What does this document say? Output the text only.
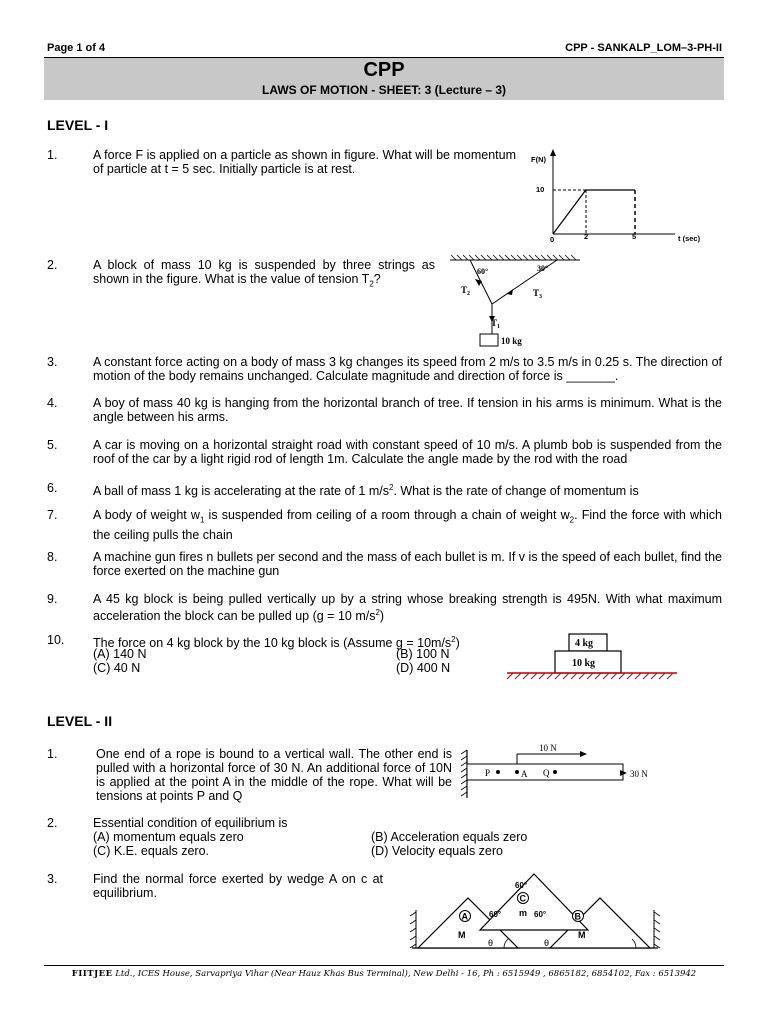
Page 1 of 4	CPP - SANKALP_LOM–3-PH-II
CPP
LAWS OF MOTION - SHEET: 3 (Lecture – 3)
LEVEL - I
1.	A force F is applied on a particle as shown in figure. What will be momentum of particle at t = 5 sec. Initially particle is at rest.
F(N)
t (sec)
10
0	2	5
2.	A block of mass 10 kg is suspended by three strings as shown in the figure. What is the value of tension $T_2$?
60°	30°
$T_2$	$T_3$
$T_1$
10 kg
3.	A constant force acting on a body of mass 3 kg changes its speed from 2 m/s to 3.5 m/s in 0.25 s. The direction of motion of the body remains unchanged. Calculate magnitude and direction of force is _______.
4.	A boy of mass 40 kg is hanging from the horizontal branch of tree. If tension in his arms is minimum. What is the angle between his arms.
5.	A car is moving on a horizontal straight road with constant speed of 10 m/s. A plumb bob is suspended from the roof of the car by a light rigid rod of length 1m. Calculate the angle made by the rod with the road
6.	A ball of mass 1 kg is accelerating at the rate of 1 $m/s^2$. What is the rate of change of momentum is
7.	A body of weight $w_1$ is suspended from ceiling of a room through a chain of weight $w_2$. Find the force with which the ceiling pulls the chain
8.	A machine gun fires n bullets per second and the mass of each bullet is m. If v is the speed of each bullet, find the force exerted on the machine gun
9.	A 45 kg block is being pulled vertically up by a string whose breaking strength is 495N. With what maximum acceleration the block can be pulled up (g = 10 $m/s^2$)
10. The force on 4 kg block by the 10 kg block is (Assume $g = 10m/s^2$)
(A) 140 N	(B) 100 N
(C) 40 N	(D) 400 N
4 kg
10 kg
LEVEL - II
1.	One end of a rope is bound to a vertical wall. The other end is pulled with a horizontal force of 30 N. An additional force of 10N is applied at the point A in the middle of the rope. What will be tensions at points P and Q
10 N
30 N
P	A Q
2.	Essential condition of equilibrium is
(A) momentum equals zero	(B) Acceleration equals zero
(C) K.E. equals zero.	(D) Velocity equals zero
3.	Find the normal force exerted by wedge A on c at equilibrium.
60°
C
m
60°	60°
A	B
M	M
θ	θ
FIITJEE Ltd., ICES House, Sarvapriya Vihar (Near Hauz Khas Bus Terminal), New Delhi - 16, Ph : 6515949 , 6865182, 6854102, Fax : 6513942
